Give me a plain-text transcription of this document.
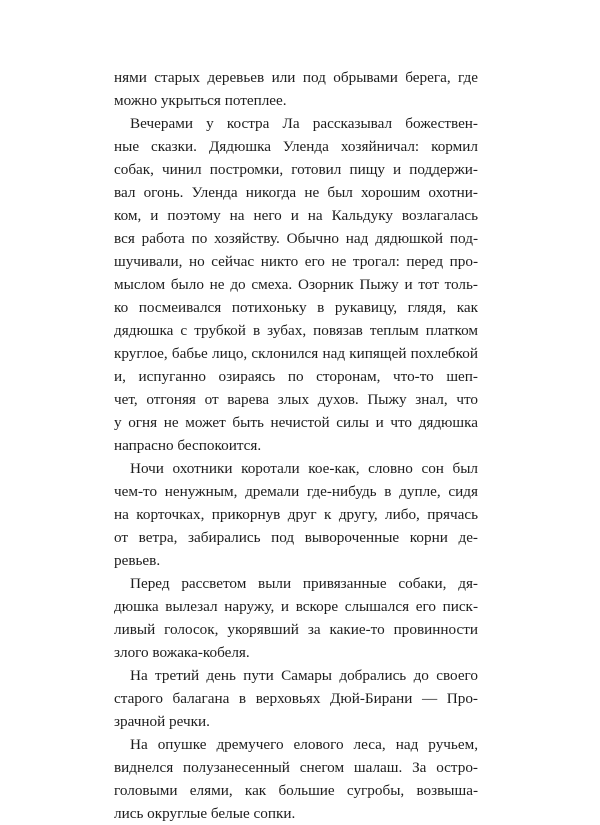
нями старых деревьев или под обрывами берега, где
можно укрыться потеплее.
Вечерами у костра Ла рассказывал божествен-
ные сказки. Дядюшка Уленда хозяйничал: кормил
собак, чинил постромки, готовил пищу и поддержи-
вал огонь. Уленда никогда не был хорошим охотни-
ком, и поэтому на него и на Кальдуку возлагалась
вся работа по хозяйству. Обычно над дядюшкой под-
шучивали, но сейчас никто его не трогал: перед про-
мыслом было не до смеха. Озорник Пыжу и тот толь-
ко посмеивался потихоньку в рукавицу, глядя, как
дядюшка с трубкой в зубах, повязав теплым платком
круглое, бабье лицо, склонился над кипящей похлебкой
и, испуганно озираясь по сторонам, что-то шеп-
чет, отгоняя от варева злых духов. Пыжу знал, что
у огня не может быть нечистой силы и что дядюшка
напрасно беспокоится.
Ночи охотники коротали кое-как, словно сон был
чем-то ненужным, дремали где-нибудь в дупле, сидя
на корточках, прикорнув друг к другу, либо, прячась
от ветра, забирались под вывороченные корни де-
ревьев.
Перед рассветом выли привязанные собаки, дя-
дюшка вылезал наружу, и вскоре слышался его писк-
ливый голосок, укорявший за какие-то провинности
злого вожака-кобеля.
На третий день пути Самары добрались до своего
старого балагана в верховьях Дюй-Бирани — Про-
зрачной речки.
На опушке дремучего елового леса, над ручьем,
виднелся полузанесенный снегом шалаш. За остро-
головыми елями, как большие сугробы, возвыша-
лись округлые белые сопки.
